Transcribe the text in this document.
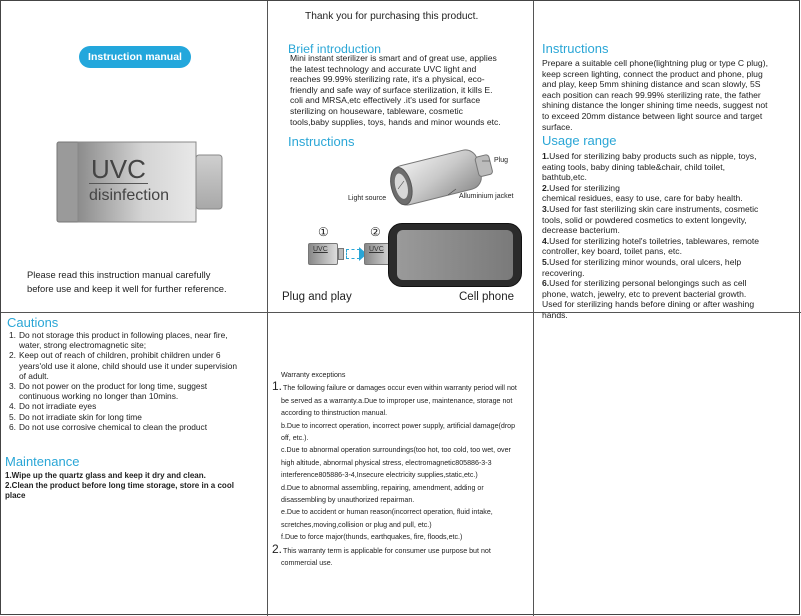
Instruction manual
UVC
disinfection
Please read this instruction manual carefully
before use and keep it well for further reference.
Thank you for purchasing this product.
Brief introduction
Mini instant sterilizer is smart and of great use, applies
the latest technology and accurate UVC light and
reaches 99.99% sterilizing rate, it's a physical, eco-
friendly and safe way of surface sterilization, it kills E.
coli and MRSA,etc effectively .it's used for surface
sterilizing on houseware, tableware, cosmetic
tools,baby supplies, toys, hands and minor wounds etc.
Instructions
Plug
Light source	Alluminium jacket
①	②
UVC	UVC
Plug and play	Cell phone
Instructions
Prepare a suitable cell phone(lightning plug or type C plug),
keep screen lighting, connect the product and phone, plug
and play, keep 5mm shining distance and scan slowly, 5S
each position can reach 99.99% sterilizing rate, the father
shining distance the longer shining time needs, suggest not
to exceed 20mm distance between light source and target
surface.
Usage range

1.Used for sterilizing baby products such as nipple, toys,

eating tools, baby dining table&chair, child toilet,

bathtub,etc.

2.Used for sterilizing

chemical residues, easy to use, care for baby health.

3.Used for fast sterilizing skin care instruments, cosmetic

tools, solid or powdered cosmetics to extent longevity,

decrease bacterium.

4.Used for sterilizing hotel's toiletries, tablewares, remote

controller, key board, toilet pans, etc.

5.Used for sterilizing minor wounds, oral ulcers, help

recovering.

6.Used for sterilizing personal belongings such as cell

phone, watch, jewelry, etc to prevent bacterial growth.

Used for sterilizing hands before dining or after washing

hands.

Cautions
1. Do not storage this product in following places, near fire,
water, strong electromagnetic site;
2. Keep out of reach of children, prohibit children under 6
years'old use it alone, child should use it under supervision
of adult.
3. Do not power on the product for long time, suggest
continuous working no longer than 10mins.
4. Do not irradiate eyes
5. Do not irradiate skin for long time
6. Do not use corrosive chemical to clean the product
Maintenance
1.Wipe up the quartz glass and keep it dry and clean.
2.Clean the product before long time storage, store in a cool
place
Warranty exceptions
1.The following failure or damages occur even within warranty period will not
be served as a warranty.a.Due to improper use, maintenance, storage not
according to thinstruction manual.
b.Due to incorrect operation, incorrect power supply, artificial damage(drop
off, etc.).
c.Due to abnormal operation surroundings(too hot, too cold, too wet, over
high altitude, abnormal physical stress, electromagnetic805886-3-3
interference805886-3-4,Insecure electricity supplies,static,etc.)
d.Due to abnormal assembling, repairing, amendment, adding or
disassembling by unauthorized repairman.
e.Due to accident or human reason(incorrect operation, fluid intake,
scretches,moving,collision or plug and pull, etc.)
f.Due to force major(thunds, earthquakes, fire, floods,etc.)
2.This warranty term is applicable for consumer use purpose but not
commercial use.
